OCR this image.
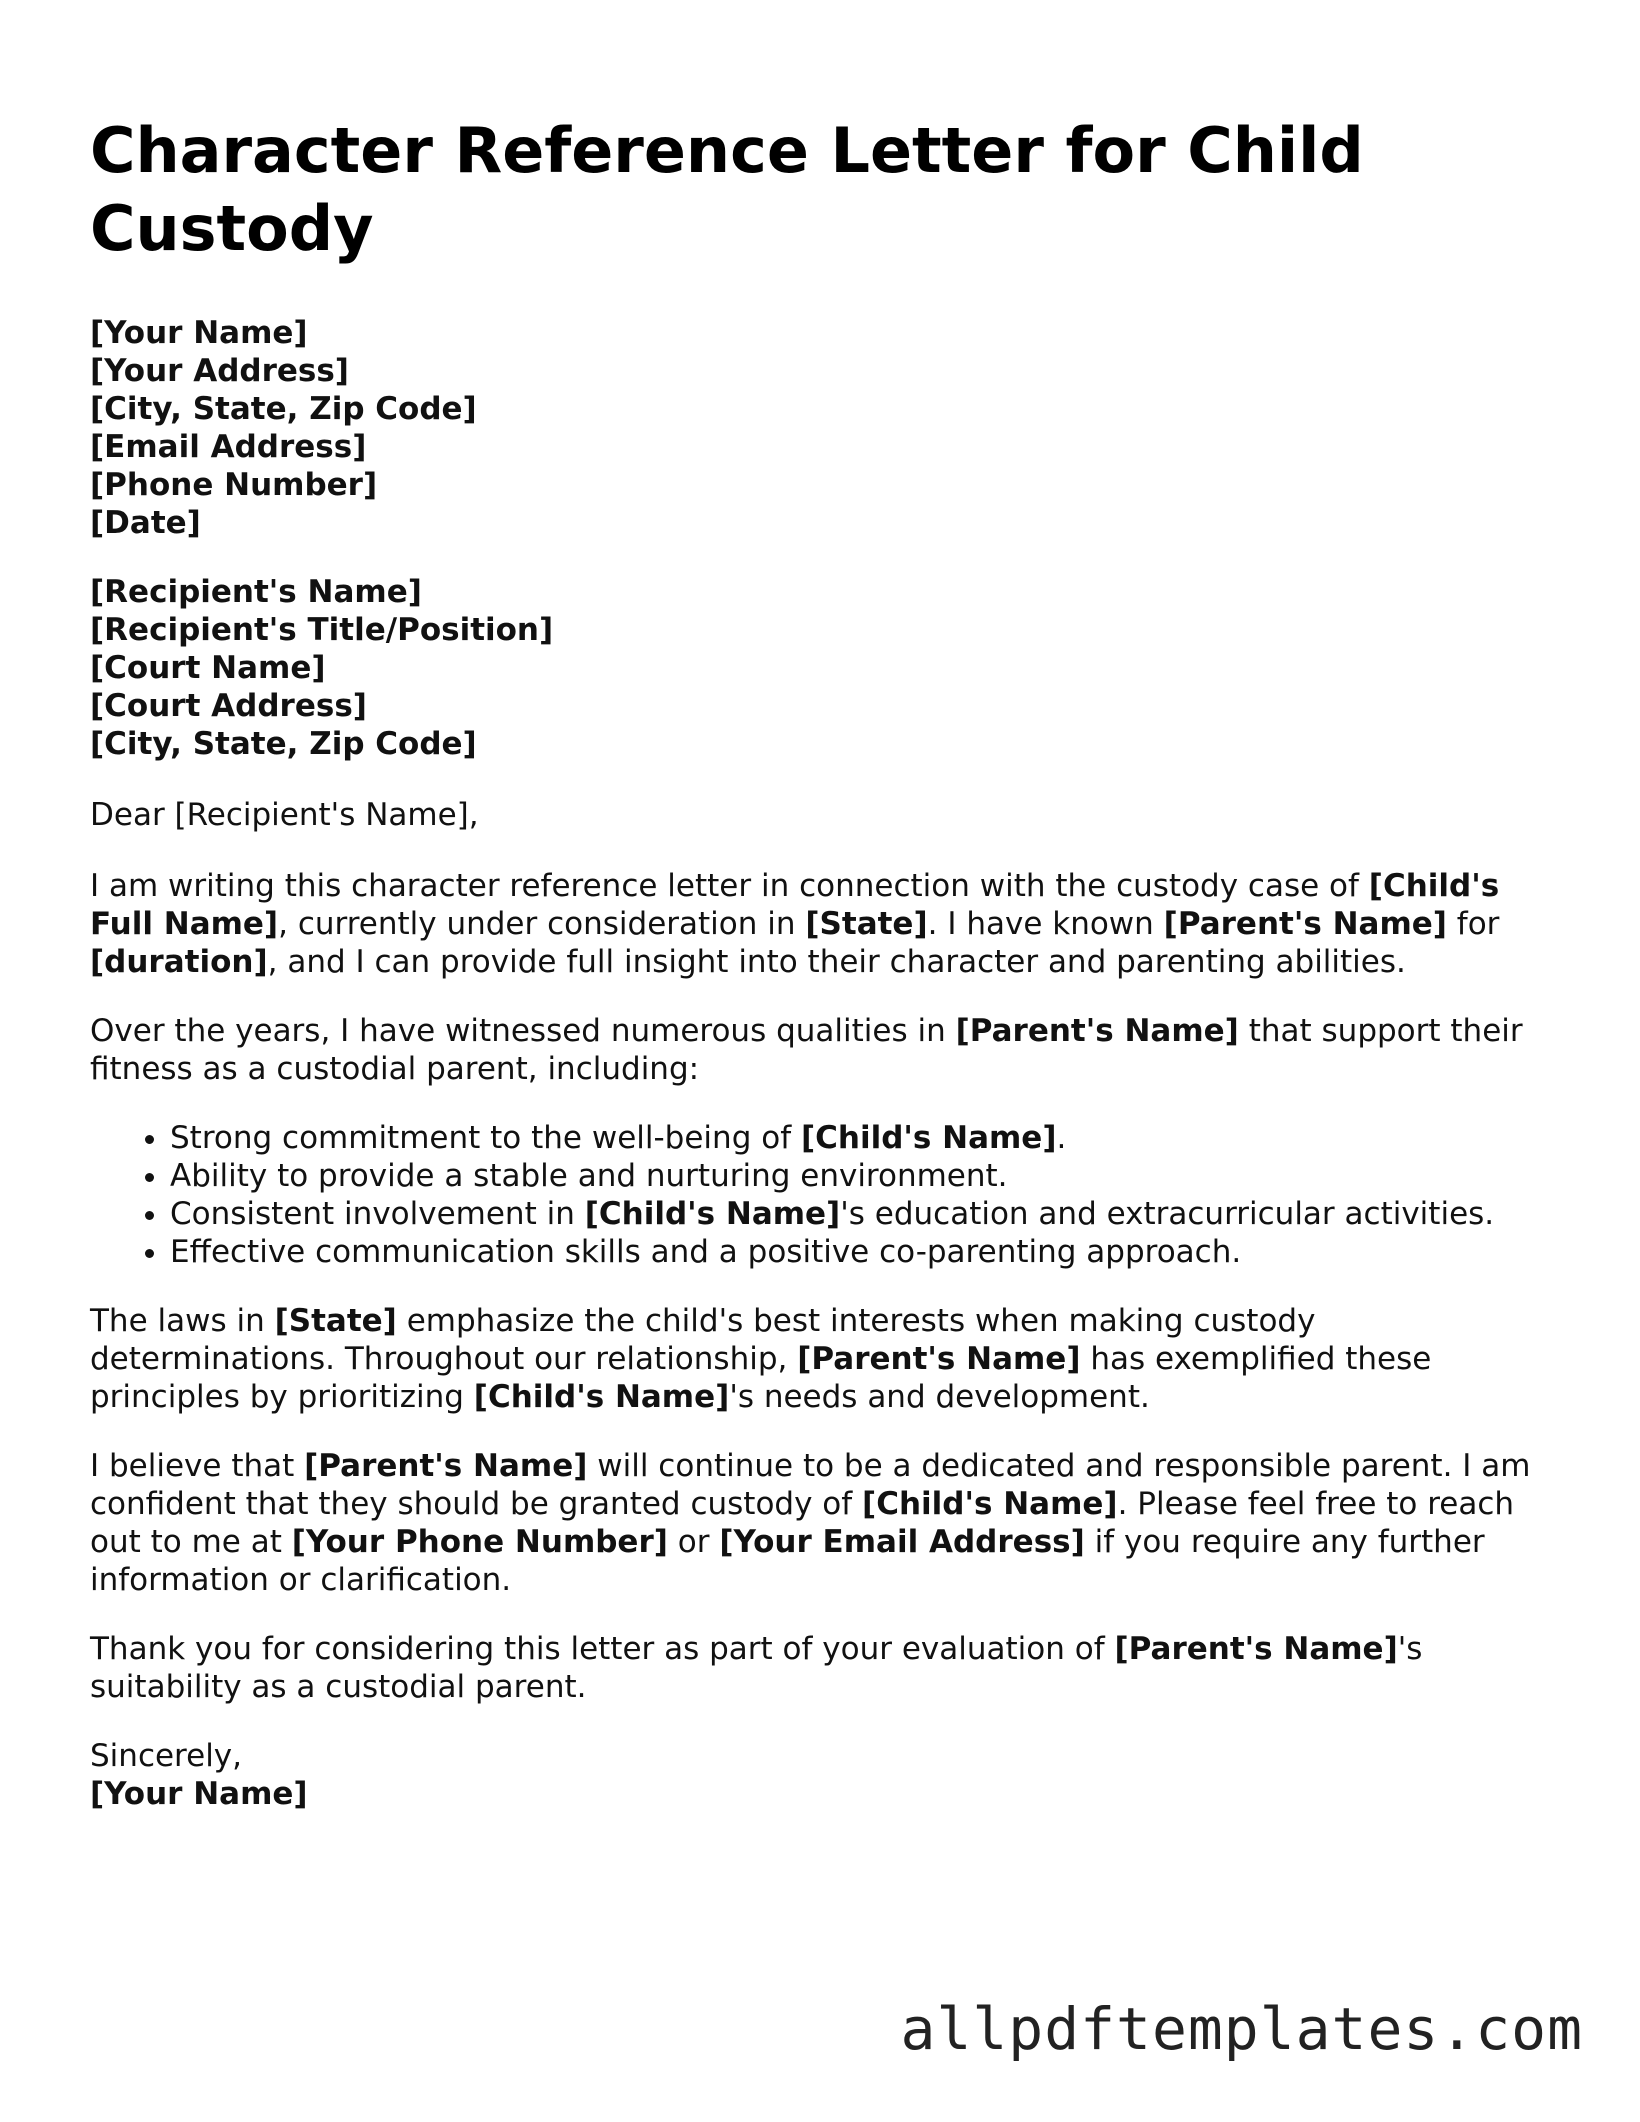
Character Reference Letter for Child Custody
[Your Name]
[Your Address]
[City, State, Zip Code]
[Email Address]
[Phone Number]
[Date]
[Recipient's Name]
[Recipient's Title/Position]
[Court Name]
[Court Address]
[City, State, Zip Code]
Dear [Recipient's Name],

I am writing this character reference letter in connection with the custody case of [Child's Full Name], currently under consideration in [State]. I have known [Parent's Name] for [duration], and I can provide full insight into their character and parenting abilities.

Over the years, I have witnessed numerous qualities in [Parent's Name] that support their fitness as a custodial parent, including:

• Strong commitment to the well-being of [Child's Name].
• Ability to provide a stable and nurturing environment.
• Consistent involvement in [Child's Name]'s education and extracurricular activities.
• Effective communication skills and a positive co-parenting approach.

The laws in [State] emphasize the child's best interests when making custody determinations. Throughout our relationship, [Parent's Name] has exemplified these principles by prioritizing [Child's Name]'s needs and development.

I believe that [Parent's Name] will continue to be a dedicated and responsible parent. I am confident that they should be granted custody of [Child's Name]. Please feel free to reach out to me at [Your Phone Number] or [Your Email Address] if you require any further information or clarification.

Thank you for considering this letter as part of your evaluation of [Parent's Name]'s suitability as a custodial parent.

Sincerely,
[Your Name]
allpdftemplates.com
